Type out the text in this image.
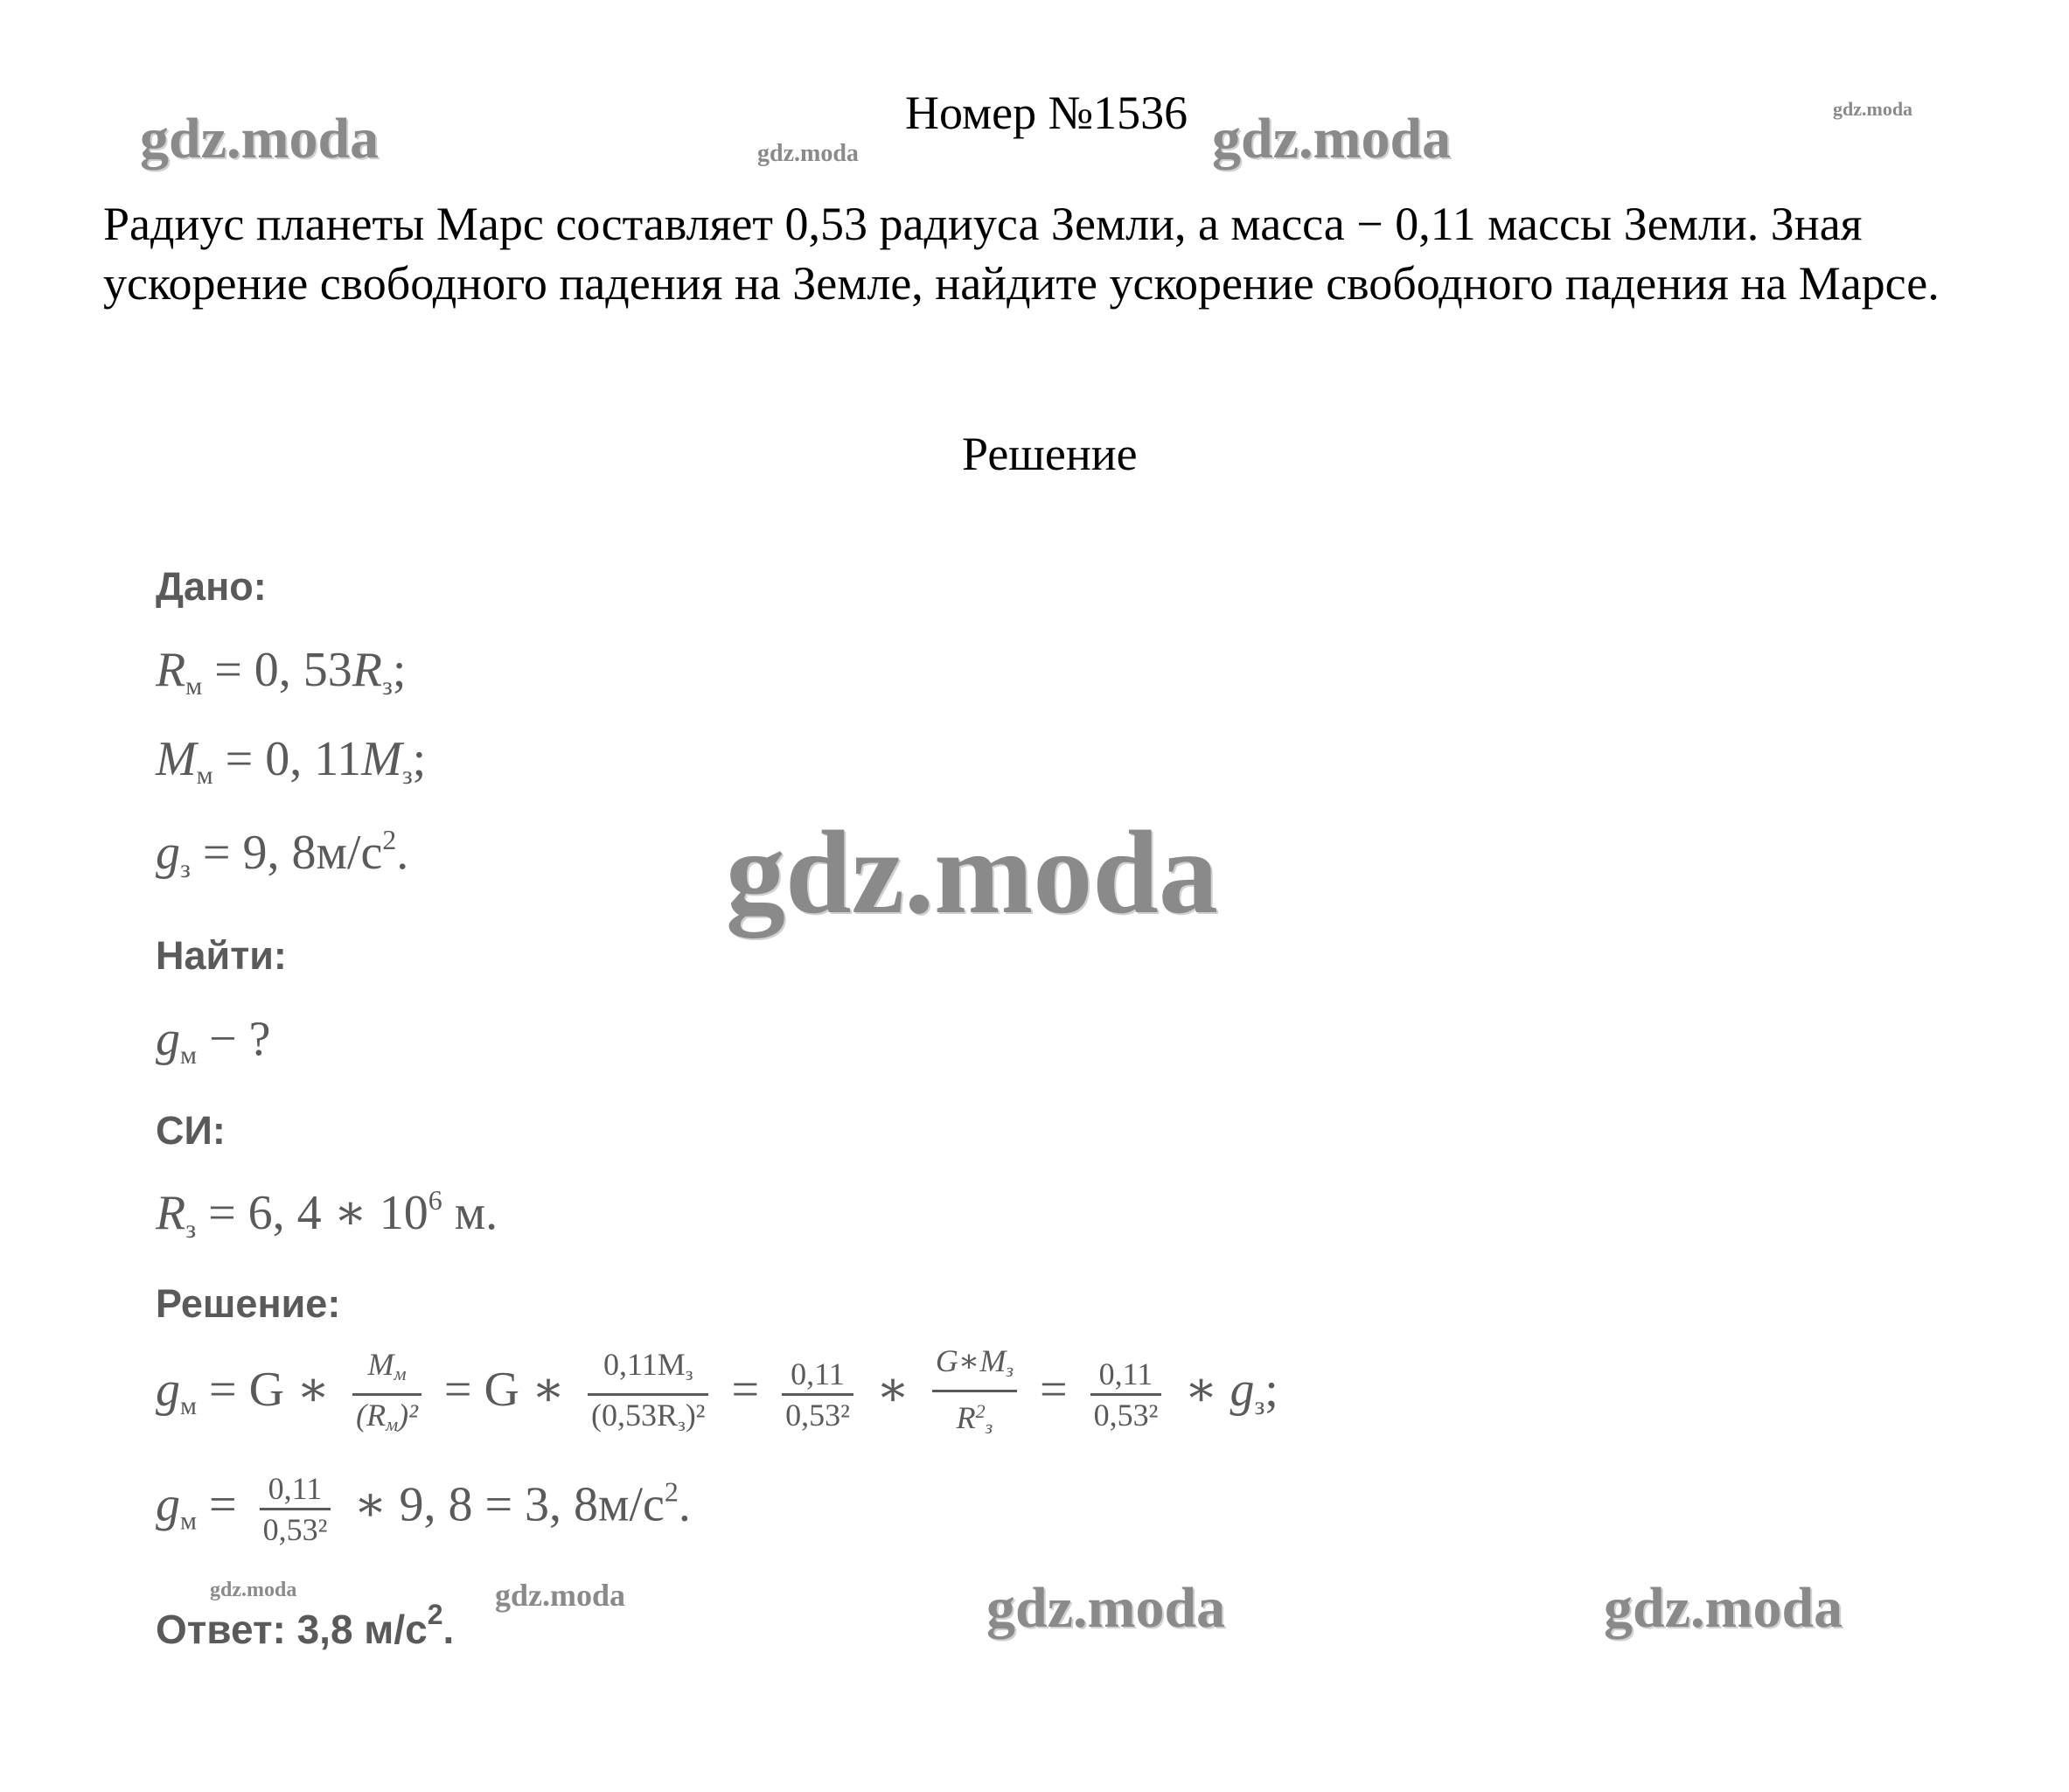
Номер №1536
Радиус планеты Марс составляет 0,53 радиуса Земли, а масса − 0,11 массы Земли. Зная ускорение свободного падения на Земле, найдите ускорение свободного падения на Марсе.
Решение
Дано:
$R_м = 0$, $53R_з$;
$M_м = 0$, $11M_з$;
$g_з = 9$, $8м/с^2$.
Найти:
$g_м$ − ?
СИ:
$R_з = 6$, 4 ∗ $10^6$ м.
Решение:
$g_м = G$ ∗ $\frac{M_м}{(R_м)^2} = G$ ∗ $\frac{0,11M_з}{(0,53R_з)^2} = \frac{0,11}{\text{0,53²}}$ ∗ $\frac{G∗M_з}{R^2_з} = \frac{0,11}{\text{0,53²}}$ ∗ $g_з$;
$g_м = \frac{0,11}{\text{0,53²}}$ ∗ 9, 8 = 3, $8м/с^2$.
Ответ: 3,8 $м/с^2$.
gdz.moda	gdz.moda	gdz.moda	gdz.moda
gdz.moda
gdz.moda	gdz.moda	gdz.moda	gdz.moda
